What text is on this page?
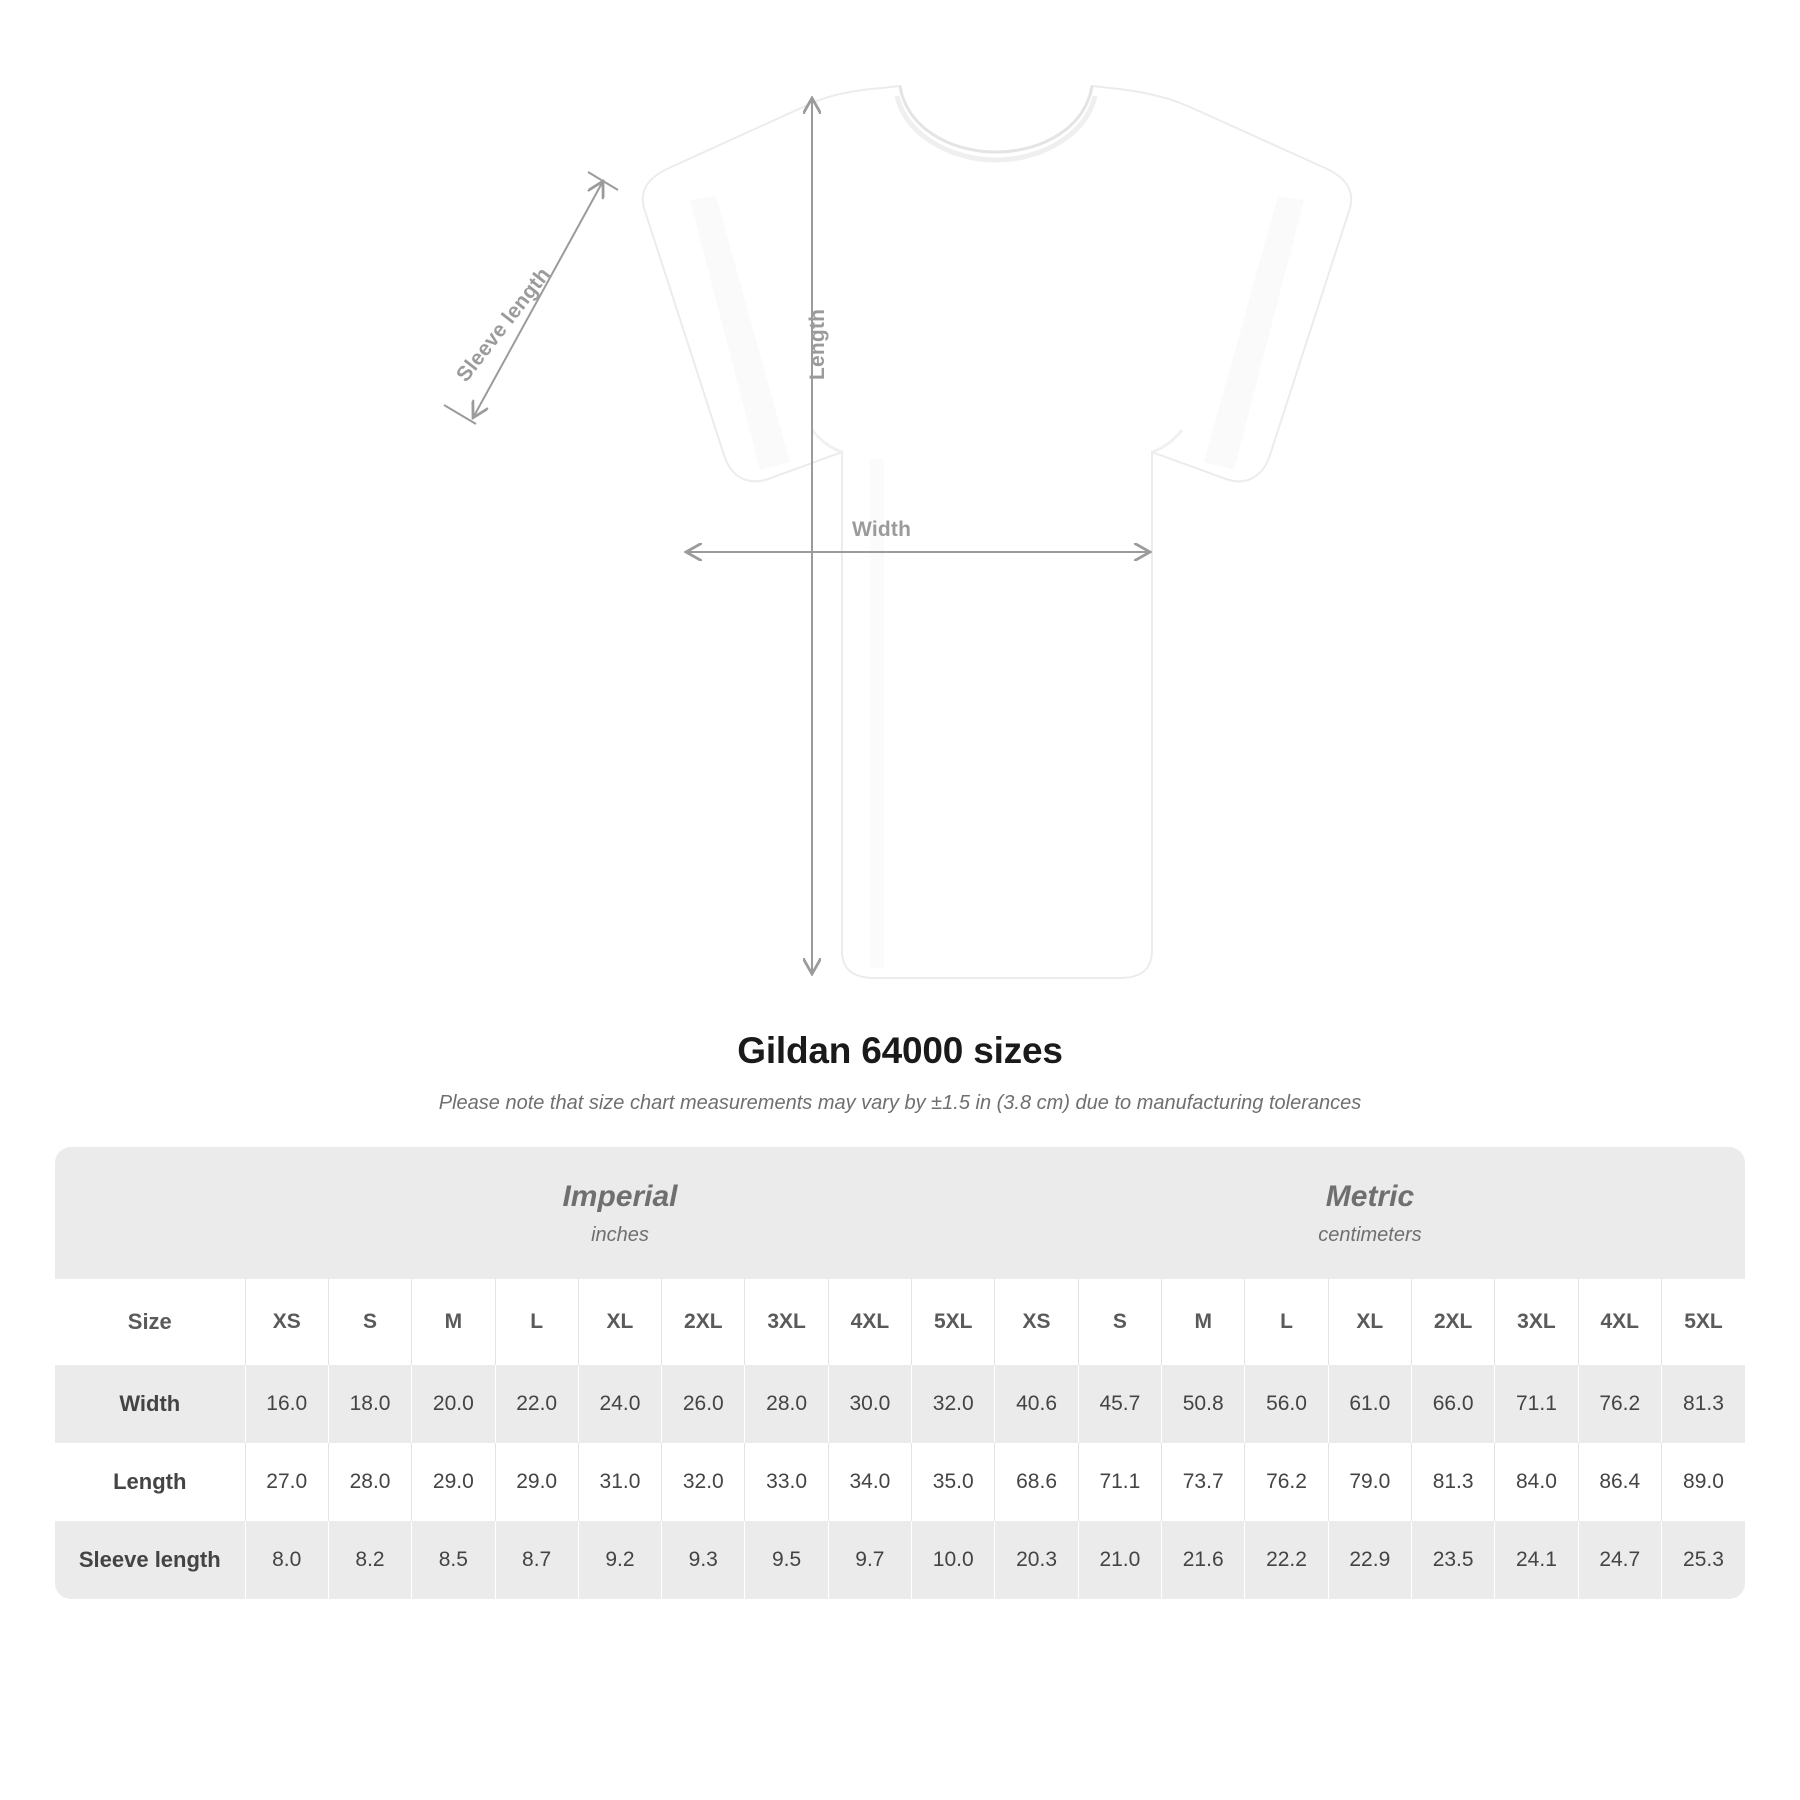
Width
Length
Sleeve length
Gildan 64000 sizes
Please note that size chart measurements may vary by ±1.5 in (3.8 cm) due to manufacturing tolerances
	Imperial
inches									Metric
centimeters								

Size	XS	S	M	L	XL	2XL	3XL	4XL	5XL	XS	S	M	L	XL	2XL	3XL	4XL	5XL
Width	16.0	18.0	20.0	22.0	24.0	26.0	28.0	30.0	32.0	40.6	45.7	50.8	56.0	61.0	66.0	71.1	76.2	81.3
Length	27.0	28.0	29.0	29.0	31.0	32.0	33.0	34.0	35.0	68.6	71.1	73.7	76.2	79.0	81.3	84.0	86.4	89.0
Sleeve length	8.0	8.2	8.5	8.7	9.2	9.3	9.5	9.7	10.0	20.3	21.0	21.6	22.2	22.9	23.5	24.1	24.7	25.3
